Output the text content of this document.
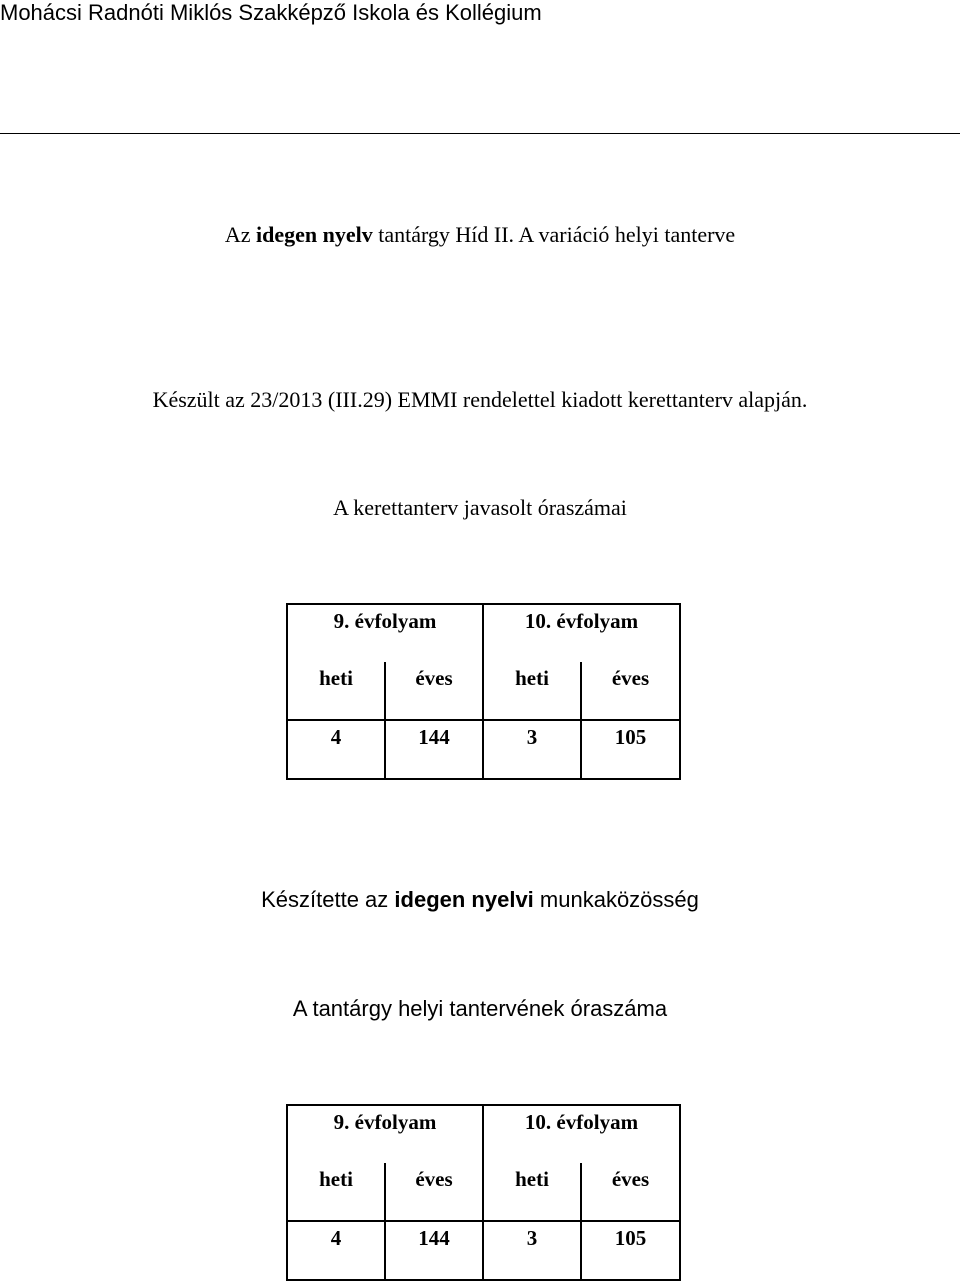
Mohácsi Radnóti Miklós Szakképző Iskola és Kollégium
Az idegen nyelv tantárgy Híd II. A variáció helyi tanterve
Készült az 23/2013 (III.29) EMMI rendelettel kiadott kerettanterv alapján.
A kerettanterv javasolt óraszámai
9. évfolyam		10. évfolyam	
heti	éves	heti	éves
4	144	3	105
Készítette az idegen nyelvi munkaközösség
A tantárgy helyi tantervének óraszáma
9. évfolyam		10. évfolyam	
heti	éves	heti	éves
4	144	3	105
